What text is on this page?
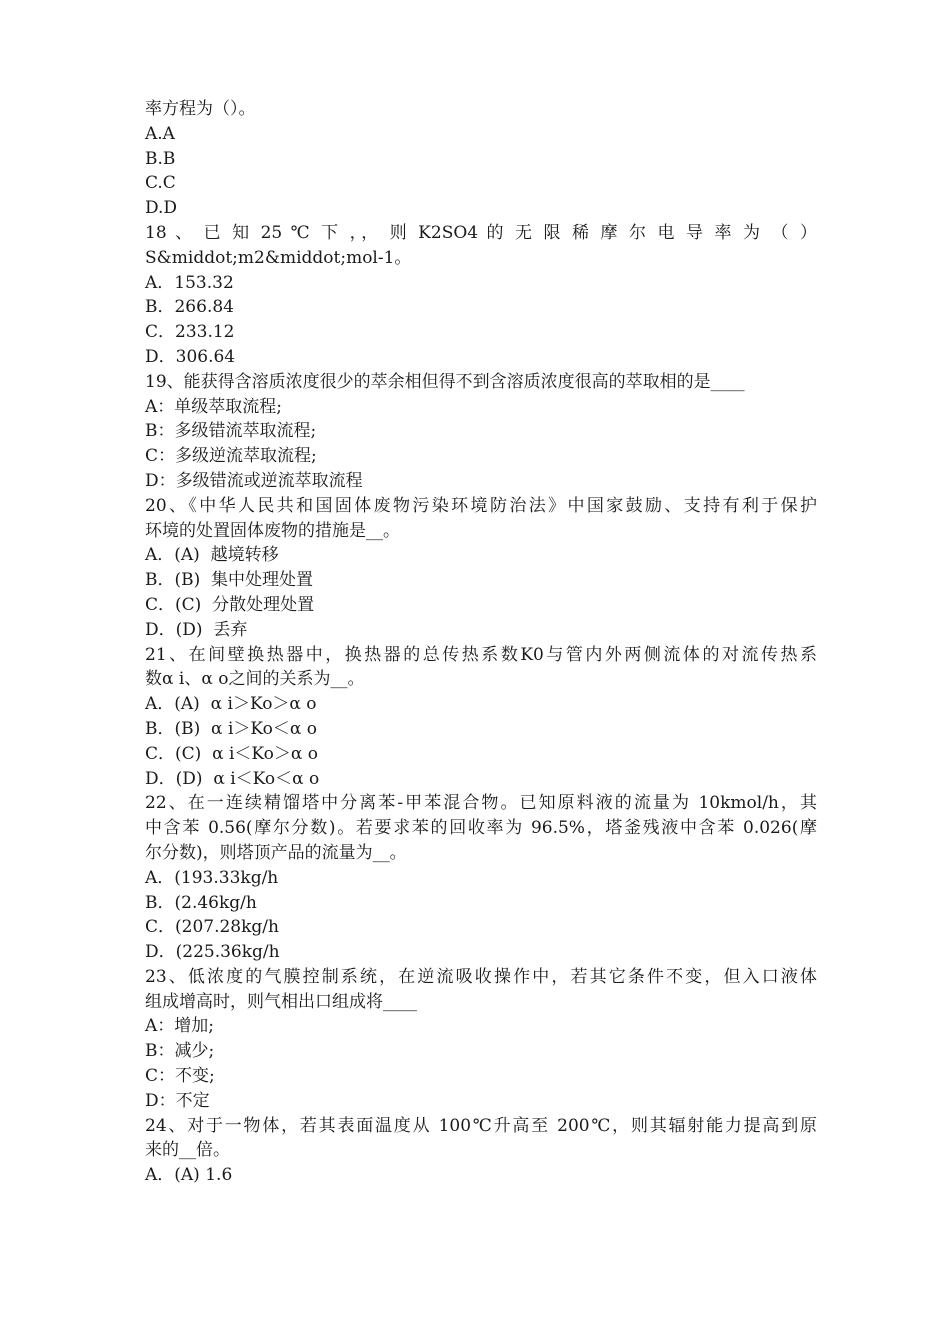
率方程为（）。
A.A
B.B
C.C
D.D
18 、 已 知 25 ℃ 下 ，， 则 K2SO4 的 无 限 稀 摩 尔 电 导 率 为 （ ）
S&middot;m2&middot;mol-1。
A．153.32
B．266.84
C．233.12
D．306.64
19、能获得含溶质浓度很少的萃余相但得不到含溶质浓度很高的萃取相的是____
A：单级萃取流程;
B：多级错流萃取流程;
C：多级逆流萃取流程;
D：多级错流或逆流萃取流程
20、《中华人民共和国固体废物污染环境防治法》中国家鼓励、支持有利于保护
环境的处置固体废物的措施是__。
A．(A)  越境转移
B．(B)  集中处理处置
C．(C)  分散处理处置
D．(D)  丢弃
21、在间壁换热器中，换热器的总传热系数K0与管内外两侧流体的对流传热系
数α i、α o之间的关系为__。
A．(A)  α i＞Ko＞α o
B．(B)  α i＞Ko＜α o
C．(C)  α i＜Ko＞α o
D．(D)  α i＜Ko＜α o
22、在一连续精馏塔中分离苯-甲苯混合物。已知原料液的流量为 10kmol/h，其
中含苯 0.56(摩尔分数)。若要求苯的回收率为 96.5%，塔釜残液中含苯 0.026(摩
尔分数)，则塔顶产品的流量为__。
A．(193.33kg/h
B．(2.46kg/h
C．(207.28kg/h
D．(225.36kg/h
23、低浓度的气膜控制系统，在逆流吸收操作中，若其它条件不变，但入口液体
组成增高时，则气相出口组成将____
A：增加;
B：减少;
C：不变;
D：不定
24、对于一物体，若其表面温度从 100℃升高至 200℃，则其辐射能力提高到原
来的__倍。
A．(A) 1.6
